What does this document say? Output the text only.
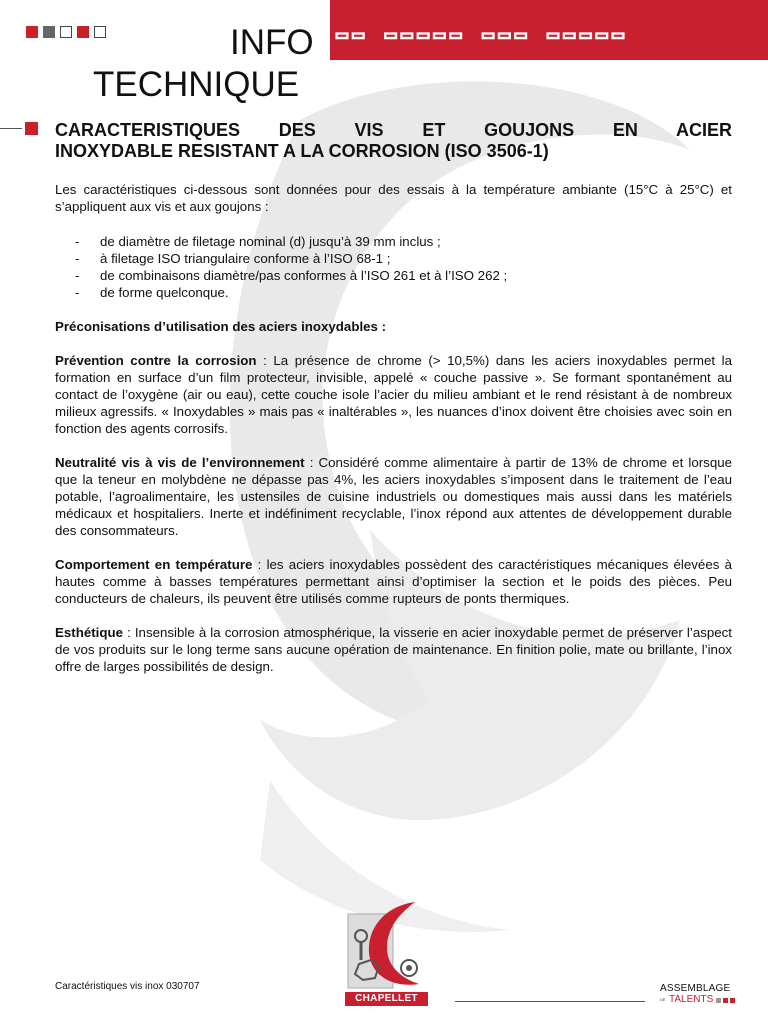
▭▭ ▭▭▭▭▭ ▭▭▭ ▭▭▭▭▭
INFO
TECHNIQUE
CARACTERISTIQUES DES VIS ET GOUJONS EN ACIER
INOXYDABLE RESISTANT A LA CORROSION (ISO 3506-1)

Les caractéristiques ci-dessous sont données pour des essais à la température ambiante (15°C à 25°C) et s’appliquent aux vis et aux goujons :

- de diamètre de filetage nominal (d) jusqu’à 39 mm inclus ;
- à filetage ISO triangulaire conforme à l’ISO 68-1 ;
- de combinaisons diamètre/pas conformes à l’ISO 261 et à l’ISO 262 ;
- de forme quelconque.

Préconisations d’utilisation des aciers inoxydables :

Prévention contre la corrosion : La présence de chrome (> 10,5%) dans les aciers inoxydables permet la formation en surface d’un film protecteur, invisible, appelé « couche passive ». Se formant spontanément au contact de l’oxygène (air ou eau), cette couche isole l’acier du milieu ambiant et le rend résistant à de nombreux milieux agressifs. « Inoxydables » mais pas « inaltérables », les nuances d’inox doivent être choisies avec soin en fonction des agents corrosifs.

Neutralité vis à vis de l’environnement : Considéré comme alimentaire à partir de 13% de chrome et lorsque que la teneur en molybdène ne dépasse pas 4%, les aciers inoxydables s’imposent dans le traitement de l’eau potable, l’agroalimentaire, les ustensiles de cuisine industriels ou domestiques mais aussi dans les matériels médicaux et hospitaliers. Inerte et indéfiniment recyclable, l’inox répond aux attentes de développement durable des consommateurs.

Comportement en température : les aciers inoxydables possèdent des caractéristiques mécaniques élevées à hautes comme à basses températures permettant ainsi d’optimiser la section et le poids des pièces. Peu conducteurs de chaleurs, ils peuvent être utilisés comme rupteurs de ponts thermiques.

Esthétique : Insensible à la corrosion atmosphérique, la visserie en acier inoxydable permet de préserver l’aspect de vos produits sur le long terme sans aucune opération de maintenance. En finition polie, mate ou brillante, l’inox offre de larges possibilités de design.

Caractéristiques vis inox 030707
CHAPELLET
ASSEMBLAGE
DE TALENTS
